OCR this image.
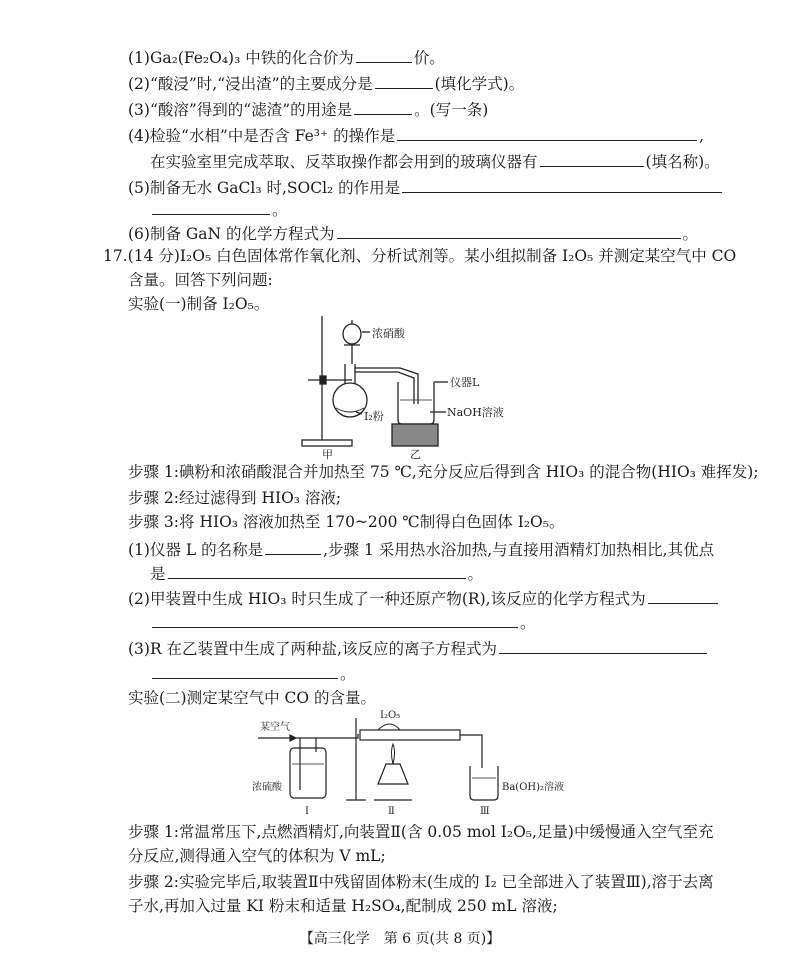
(1)Ga₂(Fe₂O₄)₃ 中铁的化合价为	价。
(2)“酸浸”时,“浸出渣”的主要成分是	(填化学式)。
(3)“酸溶”得到的“滤渣”的用途是	。(写一条)
(4)检验“水相”中是否含 Fe³⁺ 的操作是	,
在实验室里完成萃取、反萃取操作都会用到的玻璃仪器有	(填名称)。
(5)制备无水 GaCl₃ 时,SOCl₂ 的作用是
。
(6)制备 GaN 的化学方程式为	。
17.(14 分)I₂O₅ 白色固体常作氧化剂、分析试剂等。某小组拟制备 I₂O₅ 并测定某空气中 CO
含量。回答下列问题:
实验(一)制备 I₂O₅。
浓硝酸
仪器L
NaOH溶液
I₂粉
甲	乙
步骤 1:碘粉和浓硝酸混合并加热至 75 ℃,充分反应后得到含 HIO₃ 的混合物(HIO₃ 难挥发);
步骤 2:经过滤得到 HIO₃ 溶液;
步骤 3:将 HIO₃ 溶液加热至 170~200 ℃制得白色固体 I₂O₅。
(1)仪器 L 的名称是	,步骤 1 采用热水浴加热,与直接用酒精灯加热相比,其优点
是	。
(2)甲装置中生成 HIO₃ 时只生成了一种还原产物(R),该反应的化学方程式为
。
(3)R 在乙装置中生成了两种盐,该反应的离子方程式为
。
实验(二)测定某空气中 CO 的含量。
某空气
I₂O₅
浓硫酸	Ba(OH)₂溶液
Ⅰ	Ⅱ	Ⅲ
步骤 1:常温常压下,点燃酒精灯,向装置Ⅱ(含 0.05 mol I₂O₅,足量)中缓慢通入空气至充
分反应,测得通入空气的体积为 V mL;
步骤 2:实验完毕后,取装置Ⅱ中残留固体粉末(生成的 I₂ 已全部进入了装置Ⅲ),溶于去离
子水,再加入过量 KI 粉末和适量 H₂SO₄,配制成 250 mL 溶液;
【高三化学　第 6 页(共 8 页)】
